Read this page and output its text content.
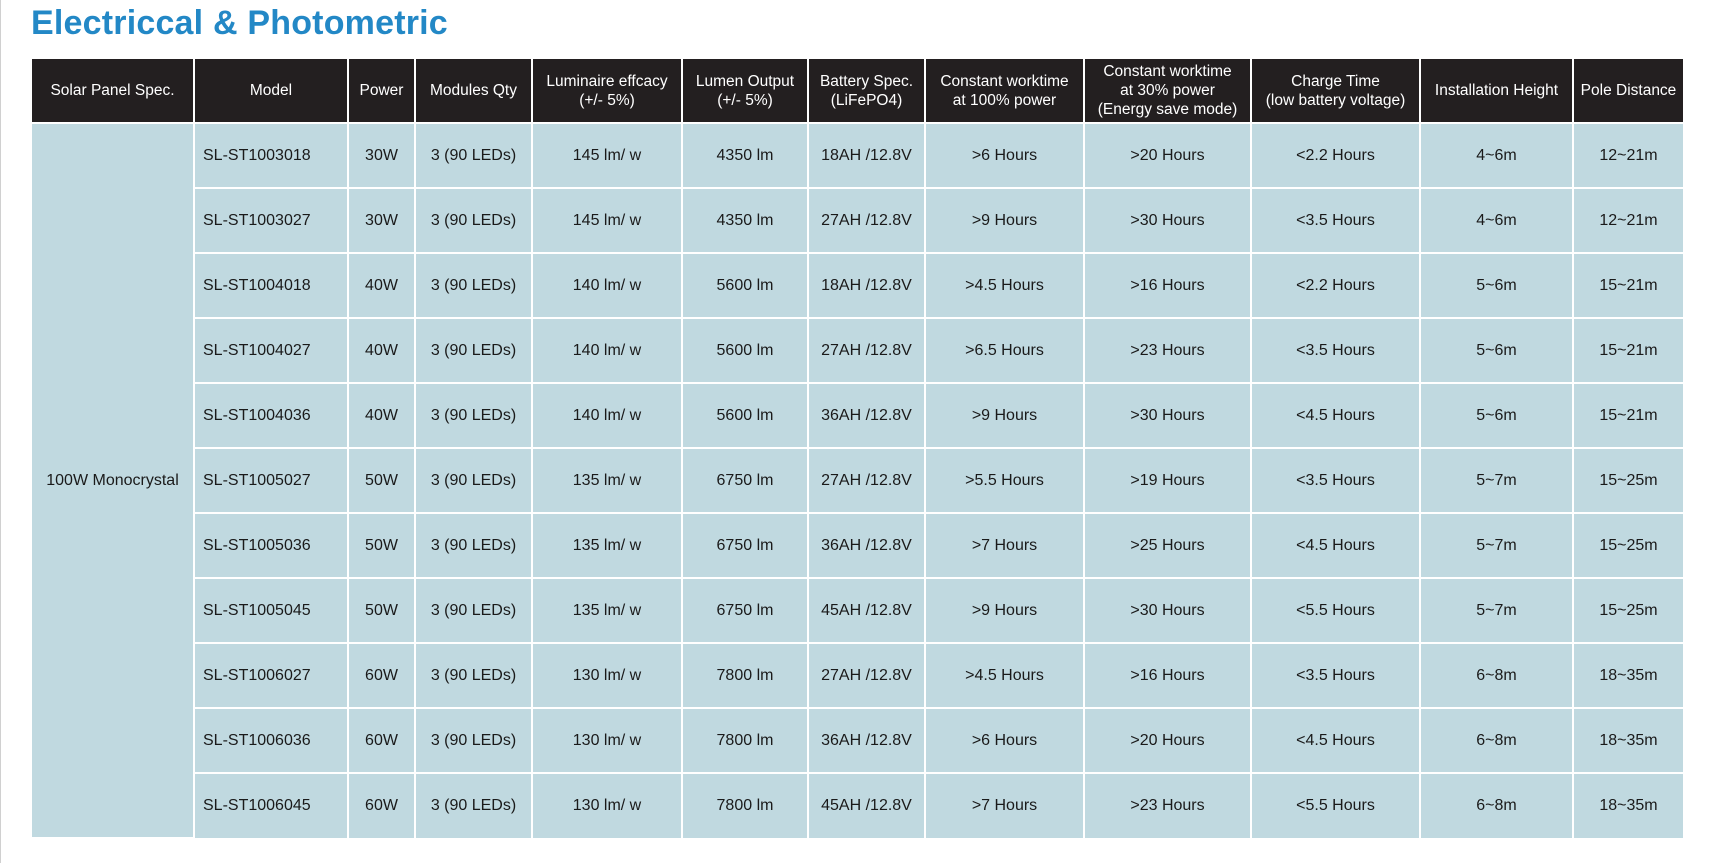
Electriccal & Photometric
Solar Panel Spec.	Model	Power	Modules Qty	Luminaire effcacy
(+/- 5%)	Lumen Output
(+/- 5%)	Battery Spec.
(LiFePO4)	Constant worktime
at 100% power	Constant worktime
at 30% power
(Energy save mode)	Charge Time
(low battery voltage)	Installation Height	Pole Distance
100W Monocrystal	SL-ST1003018	30W	3 (90 LEDs)	145 lm/ w	4350 lm	18AH /12.8V	>6 Hours	>20 Hours	<2.2 Hours	4~6m	12~21m
	SL-ST1003027	30W	3 (90 LEDs)	145 lm/ w	4350 lm	27AH /12.8V	>9 Hours	>30 Hours	<3.5 Hours	4~6m	12~21m
	SL-ST1004018	40W	3 (90 LEDs)	140 lm/ w	5600 lm	18AH /12.8V	>4.5 Hours	>16 Hours	<2.2 Hours	5~6m	15~21m
	SL-ST1004027	40W	3 (90 LEDs)	140 lm/ w	5600 lm	27AH /12.8V	>6.5 Hours	>23 Hours	<3.5 Hours	5~6m	15~21m
	SL-ST1004036	40W	3 (90 LEDs)	140 lm/ w	5600 lm	36AH /12.8V	>9 Hours	>30 Hours	<4.5 Hours	5~6m	15~21m
	SL-ST1005027	50W	3 (90 LEDs)	135 lm/ w	6750 lm	27AH /12.8V	>5.5 Hours	>19 Hours	<3.5 Hours	5~7m	15~25m
	SL-ST1005036	50W	3 (90 LEDs)	135 lm/ w	6750 lm	36AH /12.8V	>7 Hours	>25 Hours	<4.5 Hours	5~7m	15~25m
	SL-ST1005045	50W	3 (90 LEDs)	135 lm/ w	6750 lm	45AH /12.8V	>9 Hours	>30 Hours	<5.5 Hours	5~7m	15~25m
	SL-ST1006027	60W	3 (90 LEDs)	130 lm/ w	7800 lm	27AH /12.8V	>4.5 Hours	>16 Hours	<3.5 Hours	6~8m	18~35m
	SL-ST1006036	60W	3 (90 LEDs)	130 lm/ w	7800 lm	36AH /12.8V	>6 Hours	>20 Hours	<4.5 Hours	6~8m	18~35m
	SL-ST1006045	60W	3 (90 LEDs)	130 lm/ w	7800 lm	45AH /12.8V	>7 Hours	>23 Hours	<5.5 Hours	6~8m	18~35m
